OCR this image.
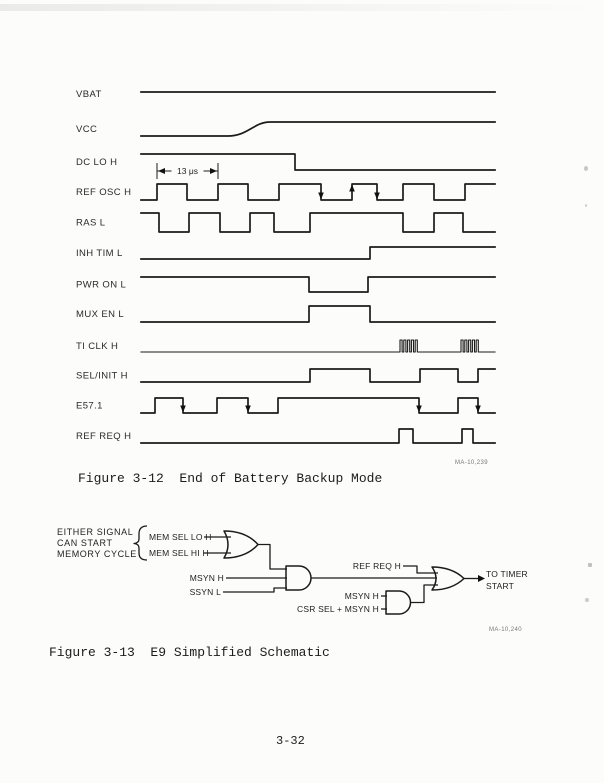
VBAT
VCC
DC LO H
REF OSC H
RAS L
INH TIM L
PWR ON L
MUX EN L
TI CLK H
SEL/INIT H
E57.1
REF REQ H
13 μs
MA-10,239
EITHER SIGNAL
CAN START
MEMORY CYCLE
MEM SEL LO H
MEM SEL HI H
MSYN H
SSYN L
REF REQ H
MSYN H
CSR SEL + MSYN H
TO TIMER
START
MA-10,240
Figure 3-12  End of Battery Backup Mode
Figure 3-13  E9 Simplified Schematic
3-32
